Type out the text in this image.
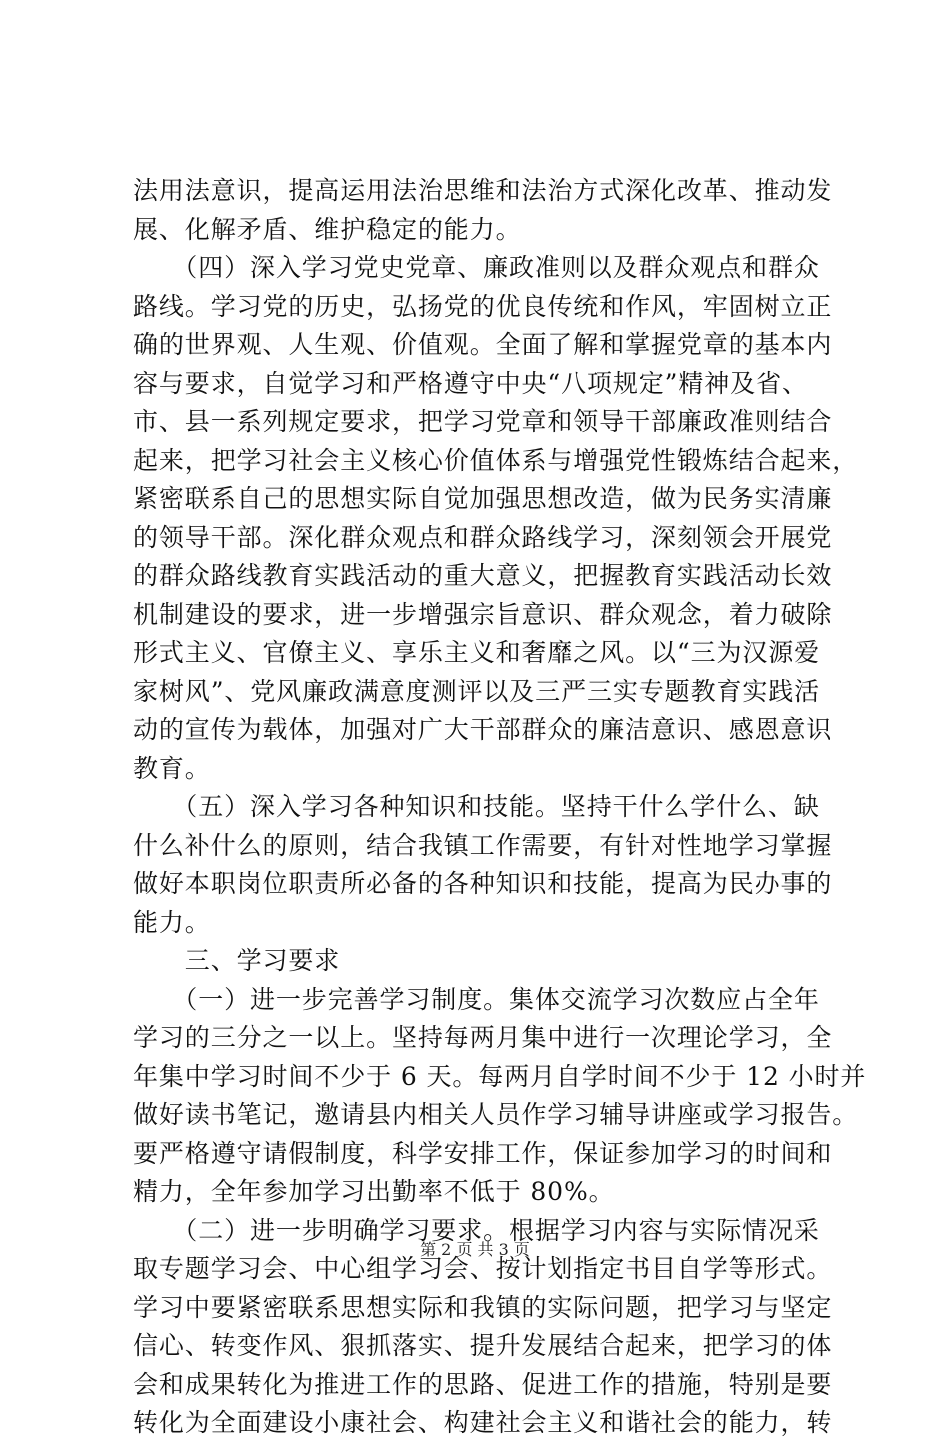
法用法意识，提高运用法治思维和法治方式深化改革、推动发
展、化解矛盾、维护稳定的能力。
　　（四）深入学习党史党章、廉政准则以及群众观点和群众
路线。学习党的历史，弘扬党的优良传统和作风，牢固树立正
确的世界观、人生观、价值观。全面了解和掌握党章的基本内
容与要求，自觉学习和严格遵守中央“八项规定”精神及省、
市、县一系列规定要求，把学习党章和领导干部廉政准则结合
起来，把学习社会主义核心价值体系与增强党性锻炼结合起来，
紧密联系自己的思想实际自觉加强思想改造，做为民务实清廉
的领导干部。深化群众观点和群众路线学习，深刻领会开展党
的群众路线教育实践活动的重大意义，把握教育实践活动长效
机制建设的要求，进一步增强宗旨意识、群众观念，着力破除
形式主义、官僚主义、享乐主义和奢靡之风。以“三为汉源爱
家树风”、党风廉政满意度测评以及三严三实专题教育实践活
动的宣传为载体，加强对广大干部群众的廉洁意识、感恩意识
教育。
　　（五）深入学习各种知识和技能。坚持干什么学什么、缺
什么补什么的原则，结合我镇工作需要，有针对性地学习掌握
做好本职岗位职责所必备的各种知识和技能，提高为民办事的
能力。
　　三、学习要求
　　（一）进一步完善学习制度。集体交流学习次数应占全年
学习的三分之一以上。坚持每两月集中进行一次理论学习，全
年集中学习时间不少于 6 天。每两月自学时间不少于 12 小时并
做好读书笔记，邀请县内相关人员作学习辅导讲座或学习报告。
要严格遵守请假制度，科学安排工作，保证参加学习的时间和
精力，全年参加学习出勤率不低于 80%。
　　（二）进一步明确学习要求。根据学习内容与实际情况采
取专题学习会、中心组学习会、按计划指定书目自学等形式。
学习中要紧密联系思想实际和我镇的实际问题，把学习与坚定
信心、转变作风、狠抓落实、提升发展结合起来，把学习的体
会和成果转化为推进工作的思路、促进工作的措施，特别是要
转化为全面建设小康社会、构建社会主义和谐社会的能力，转
第 2 页 共 3 页
